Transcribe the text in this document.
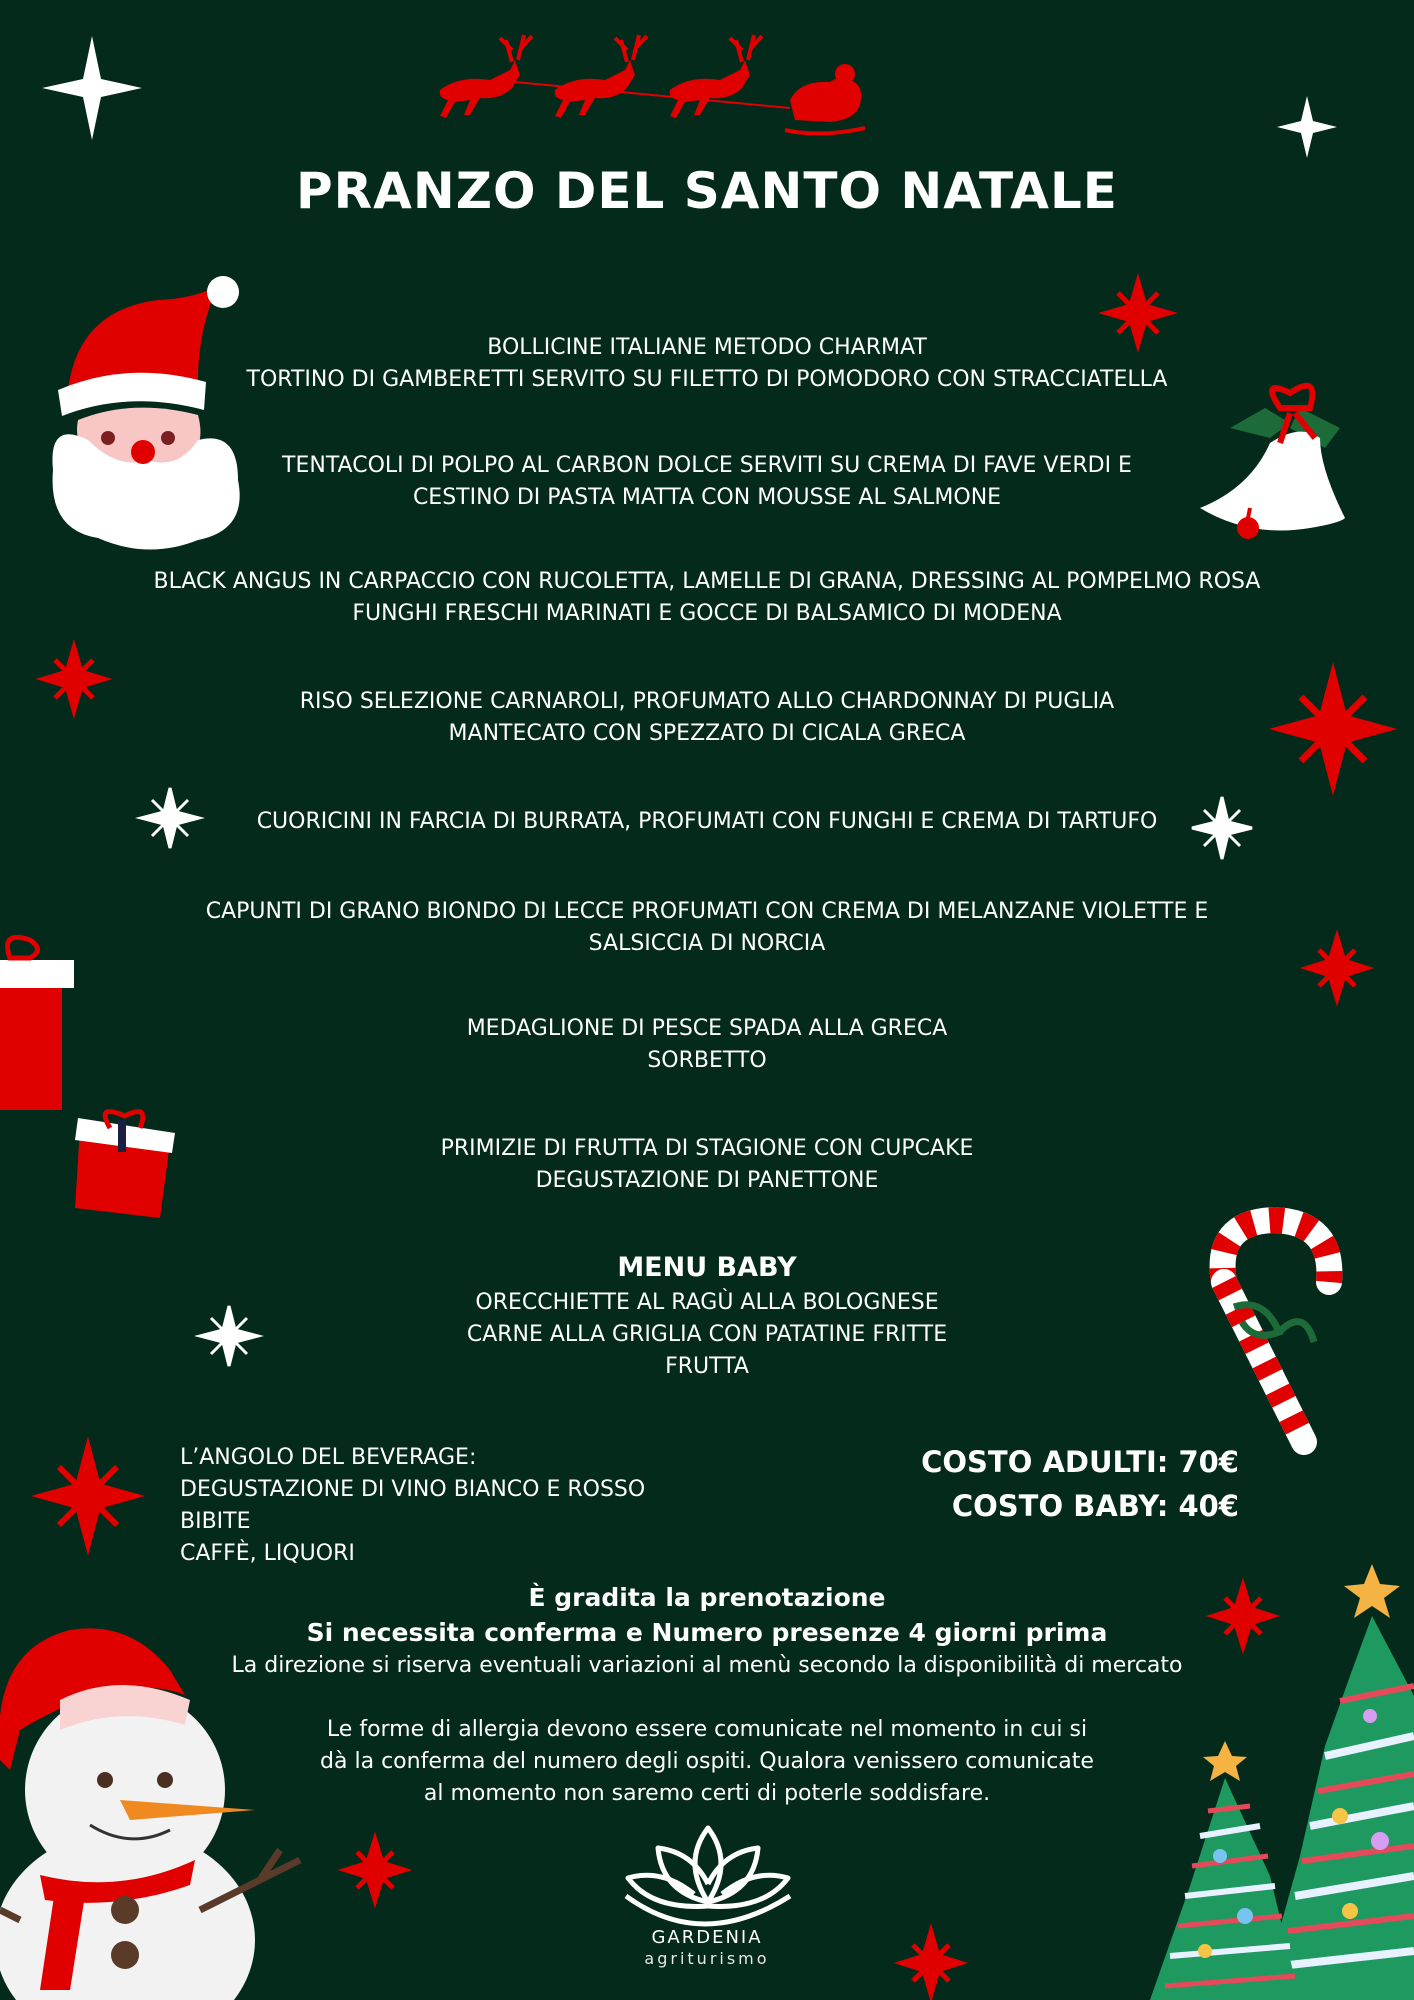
PRANZO DEL SANTO NATALE
BOLLICINE ITALIANE METODO CHARMAT
TORTINO DI GAMBERETTI SERVITO SU FILETTO DI POMODORO CON STRACCIATELLA
TENTACOLI DI POLPO AL CARBON DOLCE SERVITI SU CREMA DI FAVE VERDI E
CESTINO DI PASTA MATTA CON MOUSSE AL SALMONE
BLACK ANGUS IN CARPACCIO CON RUCOLETTA, LAMELLE DI GRANA, DRESSING AL POMPELMO ROSA
FUNGHI FRESCHI MARINATI E GOCCE DI BALSAMICO DI MODENA
RISO SELEZIONE CARNAROLI, PROFUMATO ALLO CHARDONNAY DI PUGLIA
MANTECATO CON SPEZZATO DI CICALA GRECA
CUORICINI IN FARCIA DI BURRATA, PROFUMATI CON FUNGHI E CREMA DI TARTUFO
CAPUNTI DI GRANO BIONDO DI LECCE PROFUMATI CON CREMA DI MELANZANE VIOLETTE E
SALSICCIA DI NORCIA
MEDAGLIONE DI PESCE SPADA ALLA GRECA
SORBETTO
PRIMIZIE DI FRUTTA DI STAGIONE CON CUPCAKE
DEGUSTAZIONE DI PANETTONE
MENU BABY
ORECCHIETTE AL RAGÙ ALLA BOLOGNESE
CARNE ALLA GRIGLIA CON PATATINE FRITTE
FRUTTA
L’ANGOLO DEL BEVERAGE:
DEGUSTAZIONE DI VINO BIANCO E ROSSO
BIBITE
CAFFÈ, LIQUORI
COSTO ADULTI: 70€
COSTO BABY: 40€
È gradita la prenotazione
Si necessita conferma e Numero presenze 4 giorni prima
La direzione si riserva eventuali variazioni al menù secondo la disponibilità di mercato
Le forme di allergia devono essere comunicate nel momento in cui si
dà la conferma del numero degli ospiti. Qualora venissero comunicate
al momento non saremo certi di poterle soddisfare.
GARDENIA
agriturismo
